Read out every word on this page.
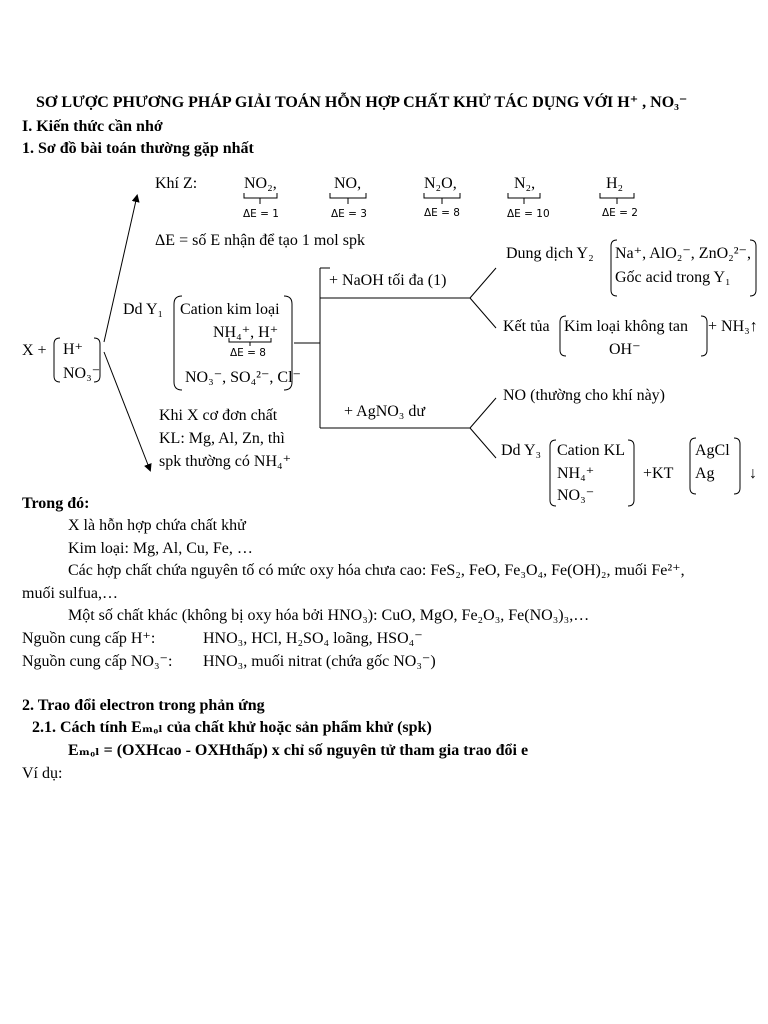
SƠ LƯỢC PHƯƠNG PHÁP GIẢI TOÁN HỖN HỢP CHẤT KHỬ TÁC DỤNG VỚI H⁺ , NO₃⁻
I. Kiến thức cần nhớ
1. Sơ đồ bài toán thường gặp nhất
Khí Z:	NO₂,	NO,	N₂O,	N₂,	H₂
ΔE = 1	ΔE = 3	ΔE = 8	ΔE = 10	ΔE = 2
ΔE = số E nhận để tạo 1 mol spk
X + H⁺
NO₃⁻
Dd Y₁ Cation kim loại
NH₄⁺, H⁺
ΔE = 8
NO₃⁻, SO₄²⁻, Cl⁻
Khi X cơ đơn chất
KL: Mg, Al, Zn, thì
spk thường có NH₄⁺
+ NaOH tối đa (1)
Dung dịch Y₂ Na⁺, AlO₂⁻, ZnO₂²⁻,
Gốc acid trong Y₁
Kết tủa Kim loại không tan
OH⁻
+ NH₃↑
+ AgNO₃ dư
NO (thường cho khí này)
Dd Y₃ Cation KL
NH₄⁺
NO₃⁻
+KT
AgCl
Ag ↓
Trong đó:
X là hỗn hợp chứa chất khử
Kim loại: Mg, Al, Cu, Fe, …
Các hợp chất chứa nguyên tố có mức oxy hóa chưa cao: FeS₂, FeO, Fe₃O₄, Fe(OH)₂, muối Fe²⁺,
muối sulfua,…
Một số chất khác (không bị oxy hóa bởi HNO₃): CuO, MgO, Fe₂O₃, Fe(NO₃)₃,…
Nguồn cung cấp H⁺:	HNO₃, HCl, H₂SO₄ loãng, HSO₄⁻
Nguồn cung cấp NO₃⁻: HNO₃, muối nitrat (chứa gốc NO₃⁻)
2. Trao đổi electron trong phản ứng
2.1. Cách tính Eₘₒₗ của chất khử hoặc sản phẩm khử (spk)
Eₘₒₗ = (OXHcao - OXHthấp) x chỉ số nguyên tử tham gia trao đổi e
Ví dụ:
